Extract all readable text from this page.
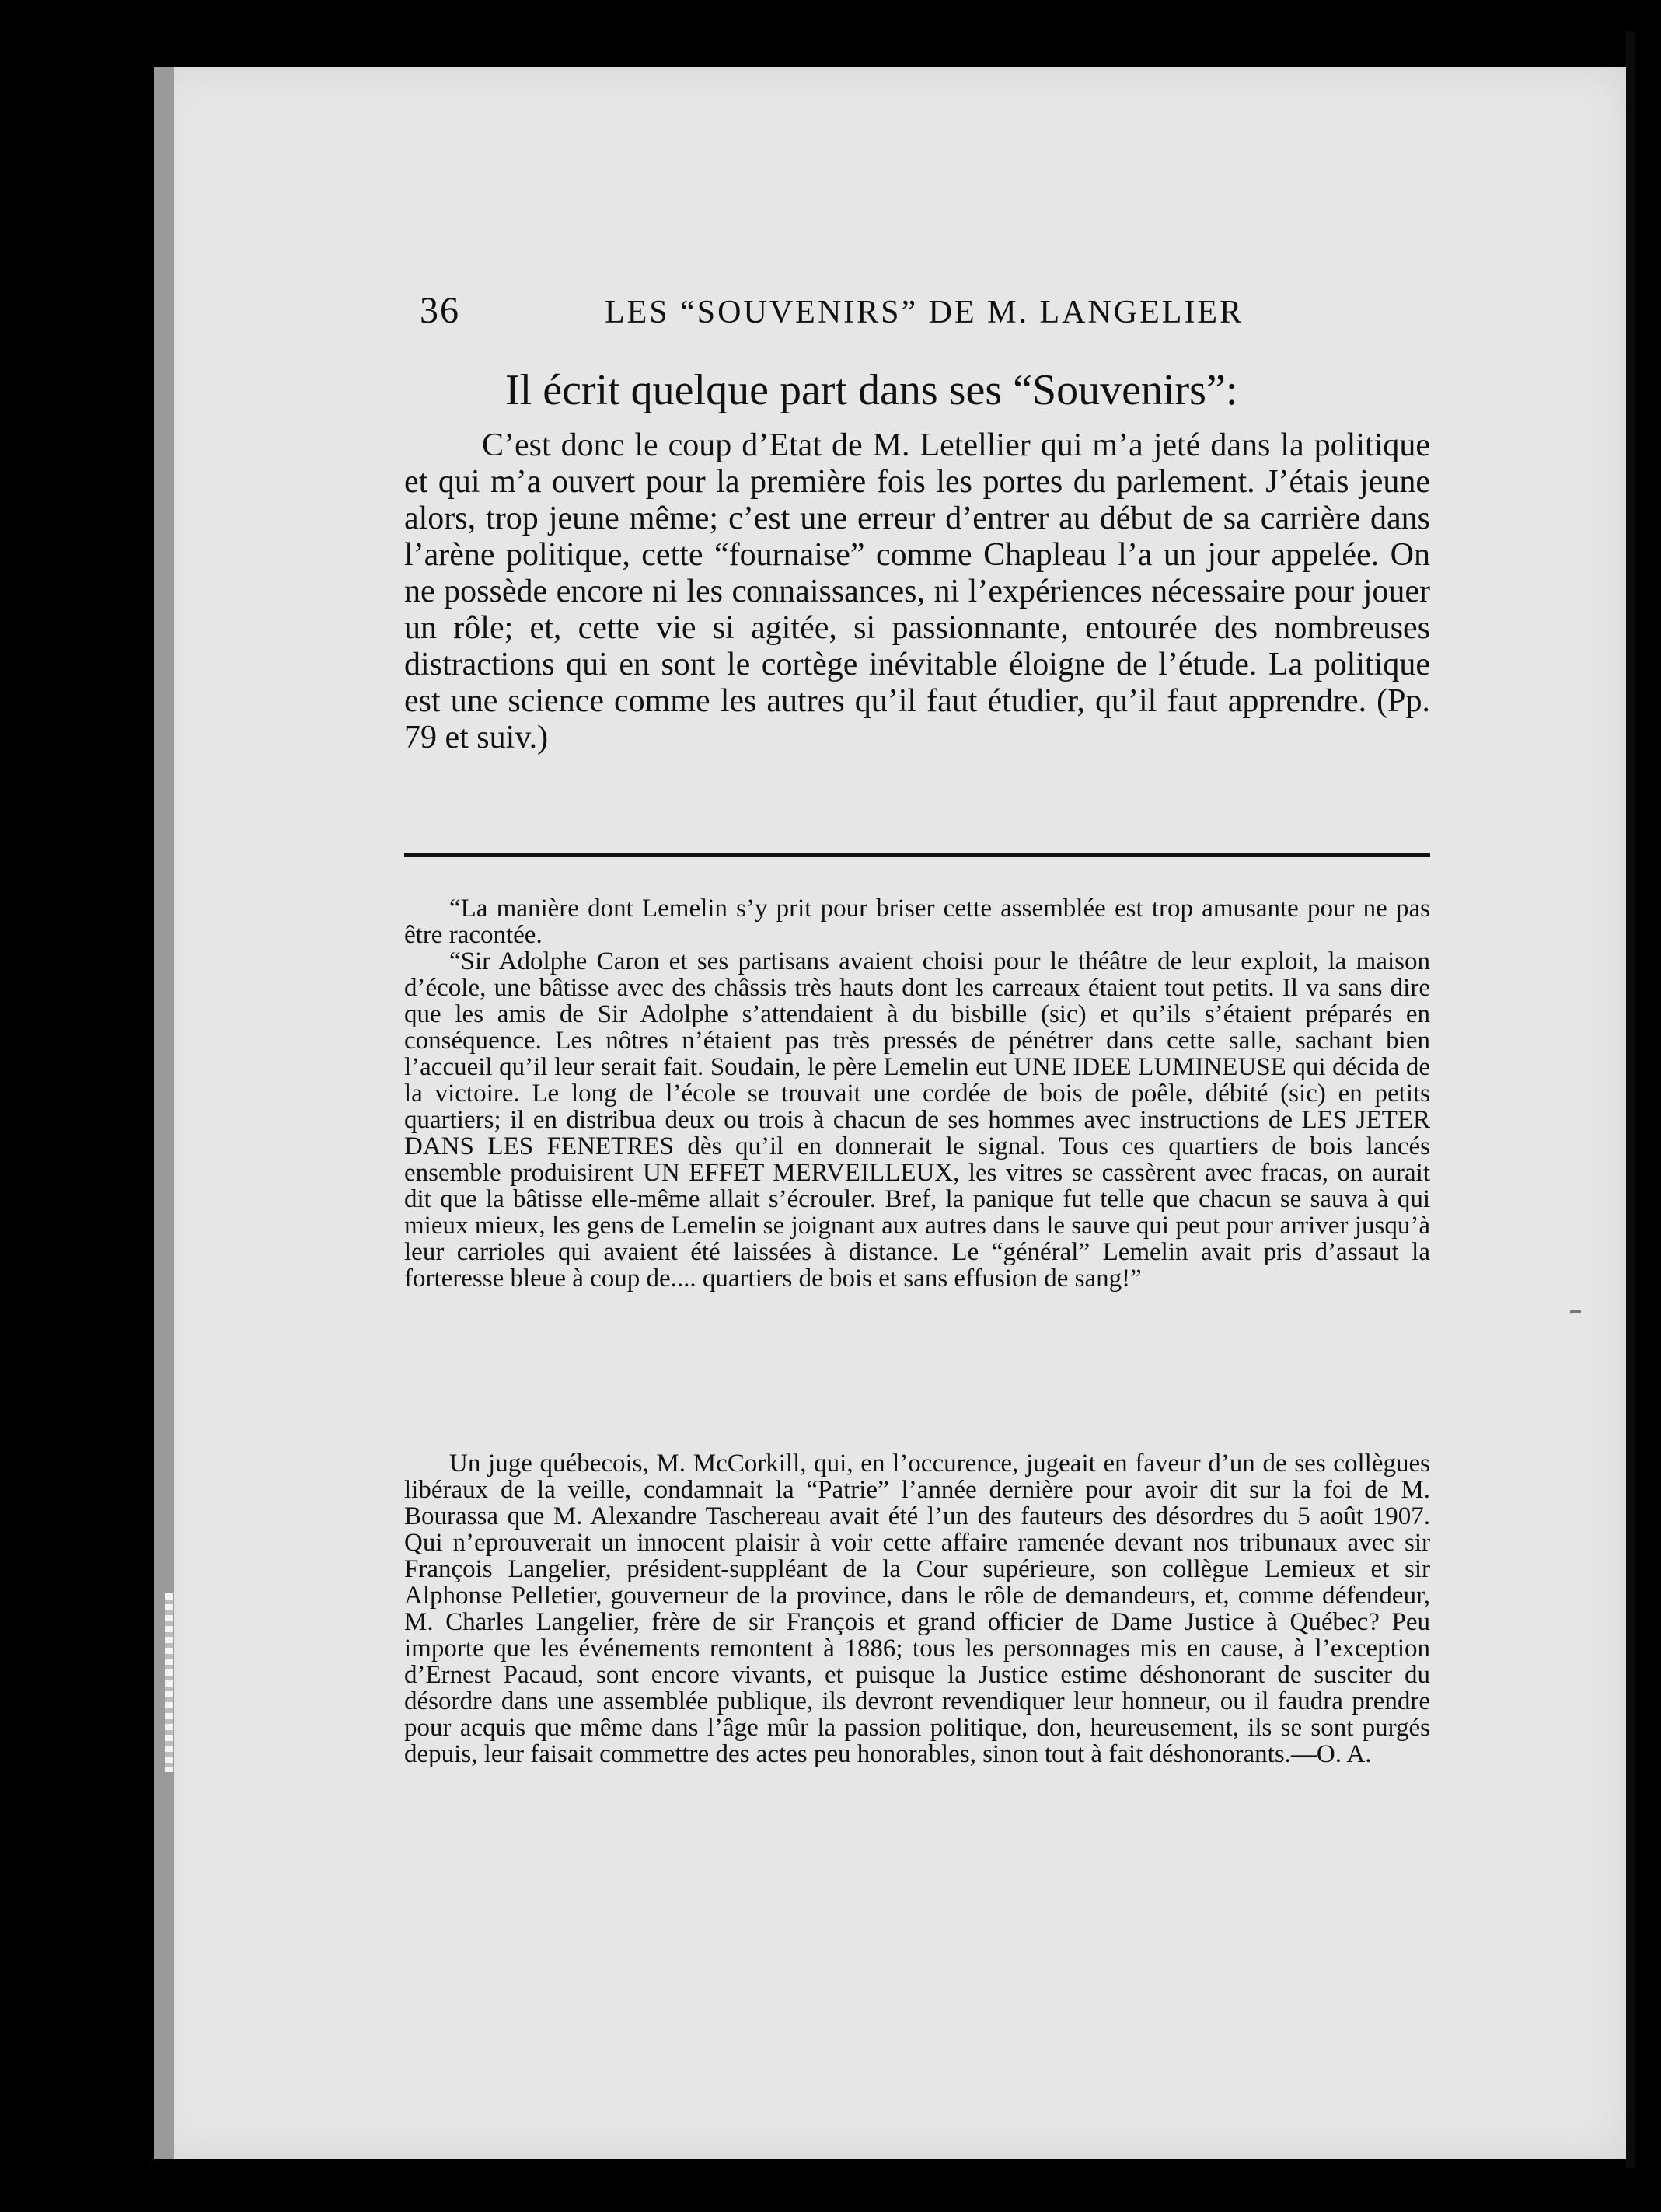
36	LES “SOUVENIRS” DE M. LANGELIER
Il écrit quelque part dans ses “Souvenirs”:

C’est donc le coup d’Etat de M. Letellier qui m’a jeté dans la politique et qui m’a ouvert pour la première fois les portes du parlement. J’étais jeune alors, trop jeune même; c’est une erreur d’entrer au début de sa carrière dans l’arène politique, cette “fournaise” comme Chapleau l’a un jour appelée. On ne possède encore ni les connaissances, ni l’expériences nécessaire pour jouer un rôle; et, cette vie si agitée, si passionnante, entourée des nombreuses distractions qui en sont le cortège inévitable éloigne de l’étude. La politique est une science comme les autres qu’il faut étudier, qu’il faut apprendre. (Pp. 79 et suiv.)

“La manière dont Lemelin s’y prit pour briser cette assemblée est trop amusante pour ne pas être racontée.

“Sir Adolphe Caron et ses partisans avaient choisi pour le théâtre de leur exploit, la maison d’école, une bâtisse avec des châssis très hauts dont les carreaux étaient tout petits. Il va sans dire que les amis de Sir Adolphe s’attendaient à du bisbille (sic) et qu’ils s’étaient préparés en conséquence. Les nôtres n’étaient pas très pressés de pénétrer dans cette salle, sachant bien l’accueil qu’il leur serait fait. Soudain, le père Lemelin eut UNE IDEE LUMINEUSE qui décida de la victoire. Le long de l’école se trouvait une cordée de bois de poêle, débité (sic) en petits quartiers; il en distribua deux ou trois à chacun de ses hommes avec instructions de LES JETER DANS LES FENETRES dès qu’il en donnerait le signal. Tous ces quartiers de bois lancés ensemble produisirent UN EFFET MERVEILLEUX, les vitres se cassèrent avec fracas, on aurait dit que la bâtisse elle-même allait s’écrouler. Bref, la panique fut telle que chacun se sauva à qui mieux mieux, les gens de Lemelin se joignant aux autres dans le sauve qui peut pour arriver jusqu’à leur carrioles qui avaient été laissées à distance. Le “général” Lemelin avait pris d’assaut la forteresse bleue à coup de.... quartiers de bois et sans effusion de sang!”

Un juge québecois, M. McCorkill, qui, en l’occurence, jugeait en faveur d’un de ses collègues libéraux de la veille, condamnait la “Patrie” l’année dernière pour avoir dit sur la foi de M. Bourassa que M. Alexandre Taschereau avait été l’un des fauteurs des désordres du 5 août 1907. Qui n’eprouverait un innocent plaisir à voir cette affaire ramenée devant nos tribunaux avec sir François Langelier, président-suppléant de la Cour supérieure, son collègue Lemieux et sir Alphonse Pelletier, gouverneur de la province, dans le rôle de demandeurs, et, comme défendeur, M. Charles Langelier, frère de sir François et grand officier de Dame Justice à Québec? Peu importe que les événements remontent à 1886; tous les personnages mis en cause, à l’exception d’Ernest Pacaud, sont encore vivants, et puisque la Justice estime déshonorant de susciter du désordre dans une assemblée publique, ils devront revendiquer leur honneur, ou il faudra prendre pour acquis que même dans l’âge mûr la passion politique, don, heureusement, ils se sont purgés depuis, leur faisait commettre des actes peu honorables, sinon tout à fait déshonorants.—O. A.
